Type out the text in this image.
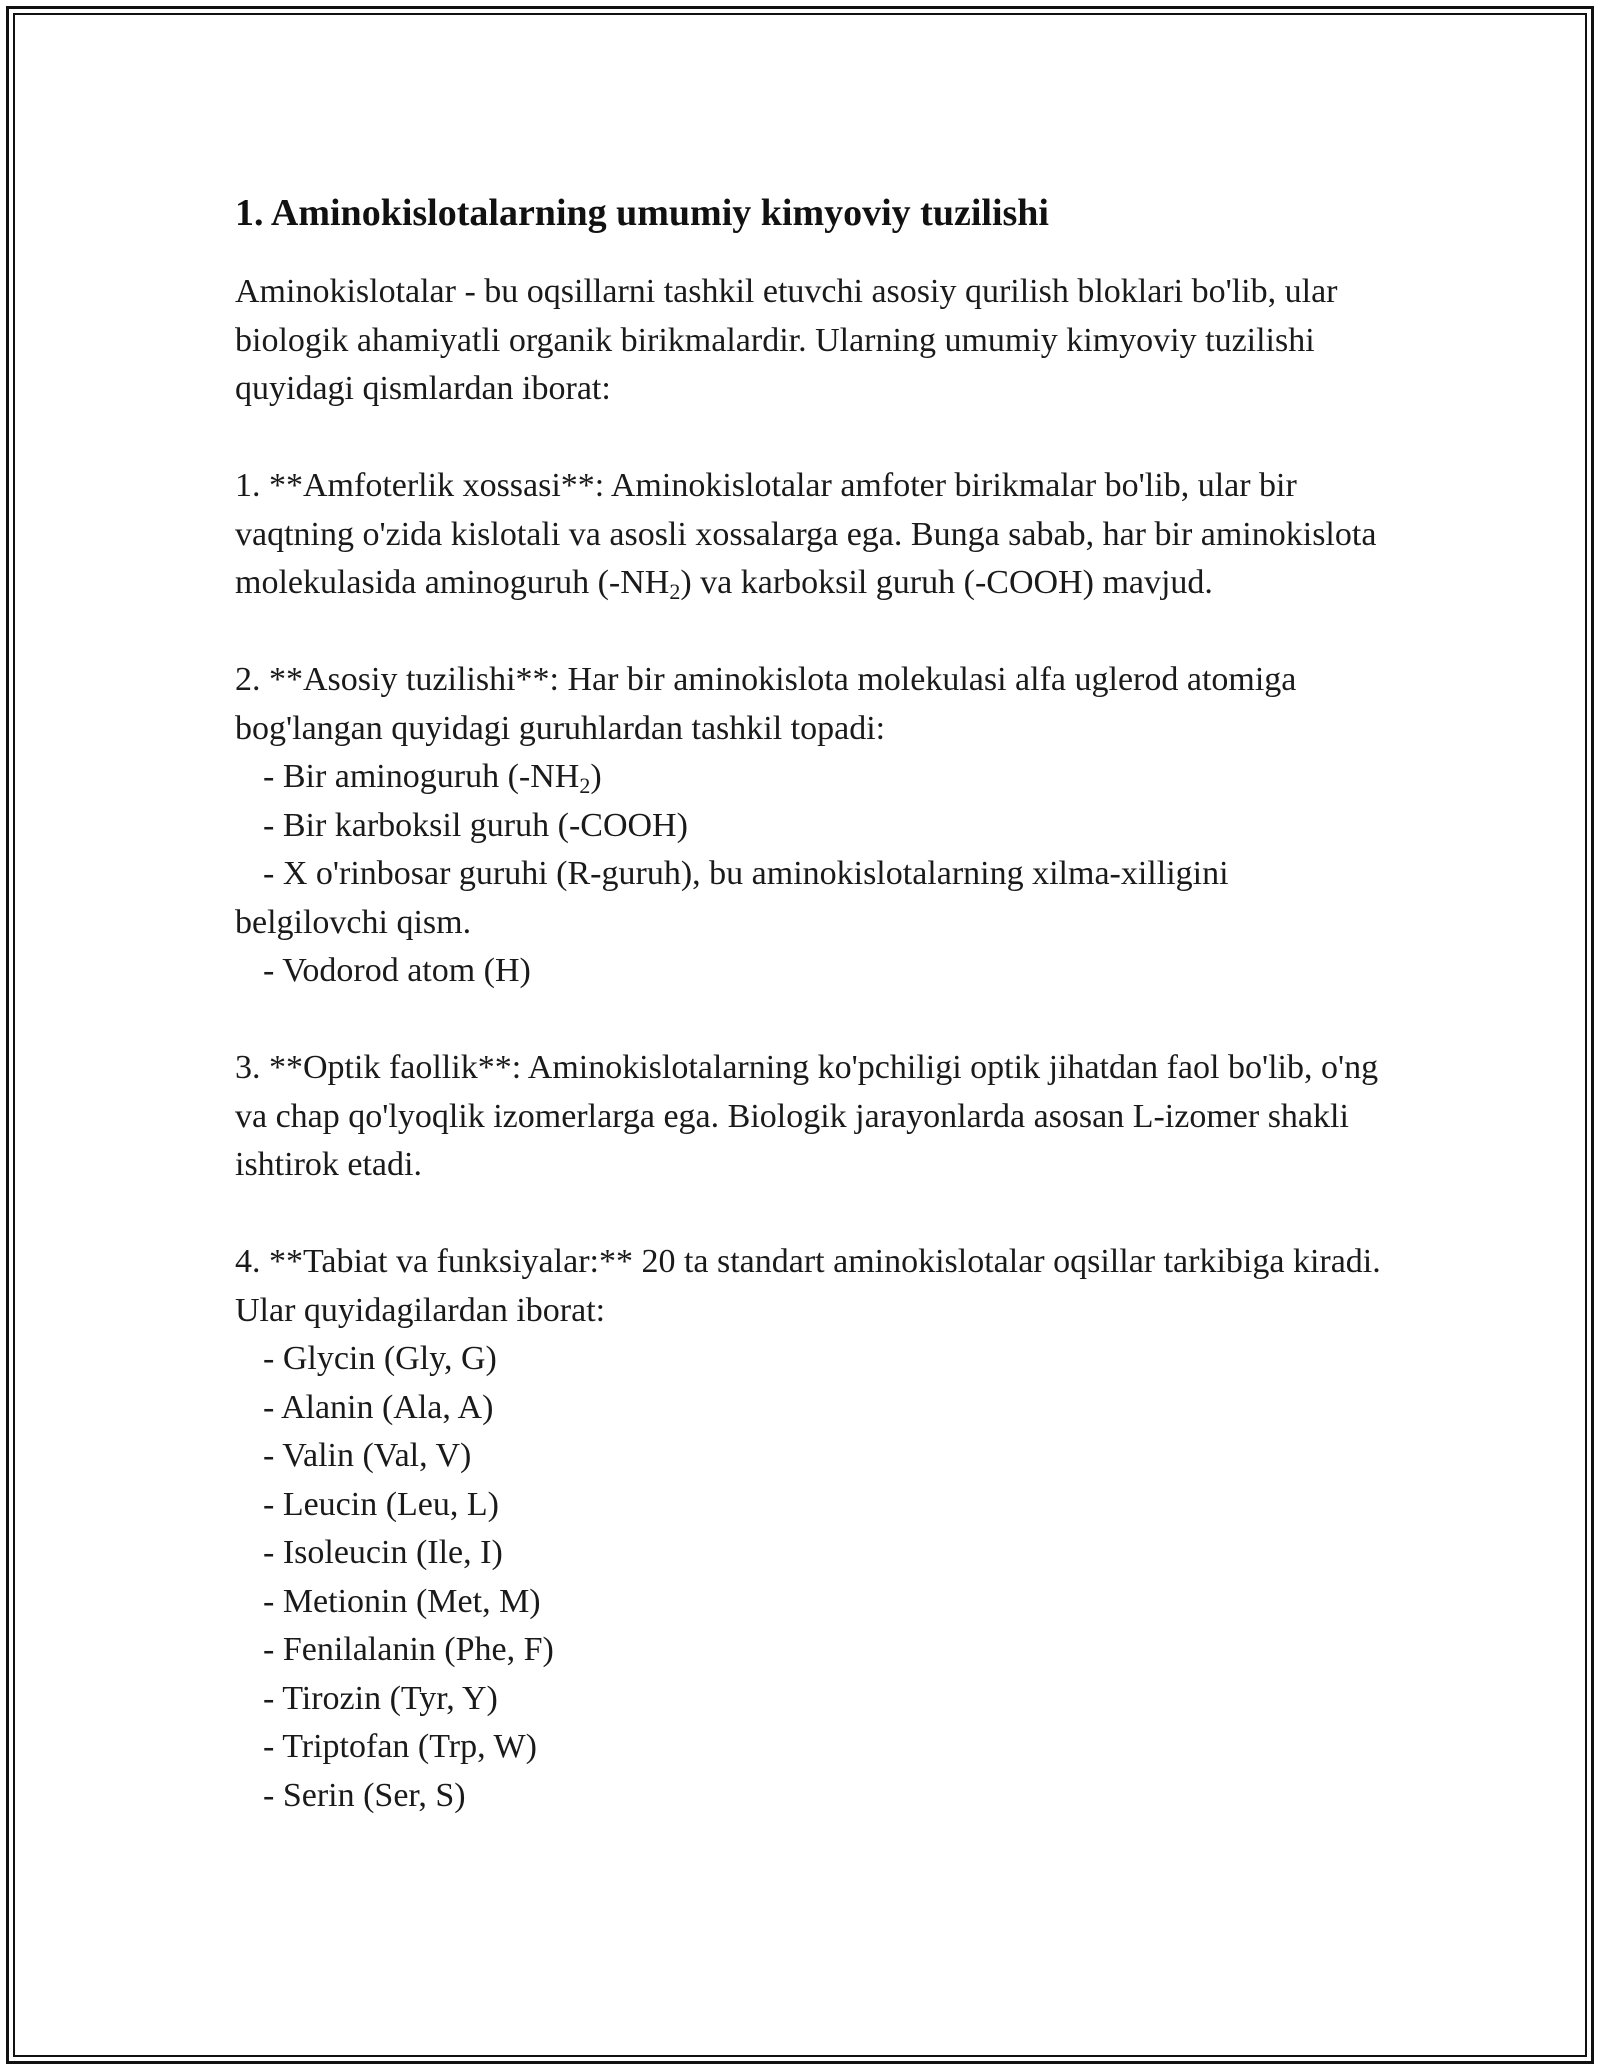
1. Aminokislotalarning umumiy kimyoviy tuzilishi

Aminokislotalar - bu oqsillarni tashkil etuvchi asosiy qurilish bloklari bo'lib, ular biologik ahamiyatli organik birikmalardir. Ularning umumiy kimyoviy tuzilishi quyidagi qismlardan iborat:

1. **Amfoterlik xossasi**: Aminokislotalar amfoter birikmalar bo'lib, ular bir vaqtning o'zida kislotali va asosli xossalarga ega. Bunga sabab, har bir aminokislota molekulasida aminoguruh $(-NH_2)$ va karboksil guruh (-COOH) mavjud.

2. **Asosiy tuzilishi**: Har bir aminokislota molekulasi alfa uglerod atomiga bog'langan quyidagi guruhlardan tashkil topadi:

- Bir aminoguruh $(-NH_2)$

- Bir karboksil guruh (-COOH)

- X o'rinbosar guruhi (R-guruh), bu aminokislotalarning xilma-xilligini

belgilovchi qism.

- Vodorod atom (H)

3. **Optik faollik**: Aminokislotalarning ko'pchiligi optik jihatdan faol bo'lib, o'ng va chap qo'lyoqlik izomerlarga ega. Biologik jarayonlarda asosan L-izomer shakli ishtirok etadi.

4. **Tabiat va funksiyalar:** 20 ta standart aminokislotalar oqsillar tarkibiga kiradi. Ular quyidagilardan iborat:

- Glycin (Gly, G)

- Alanin (Ala, A)

- Valin (Val, V)

- Leucin (Leu, L)

- Isoleucin (Ile, I)

- Metionin (Met, M)

- Fenilalanin (Phe, F)

- Tirozin (Tyr, Y)

- Triptofan (Trp, W)

- Serin (Ser, S)
